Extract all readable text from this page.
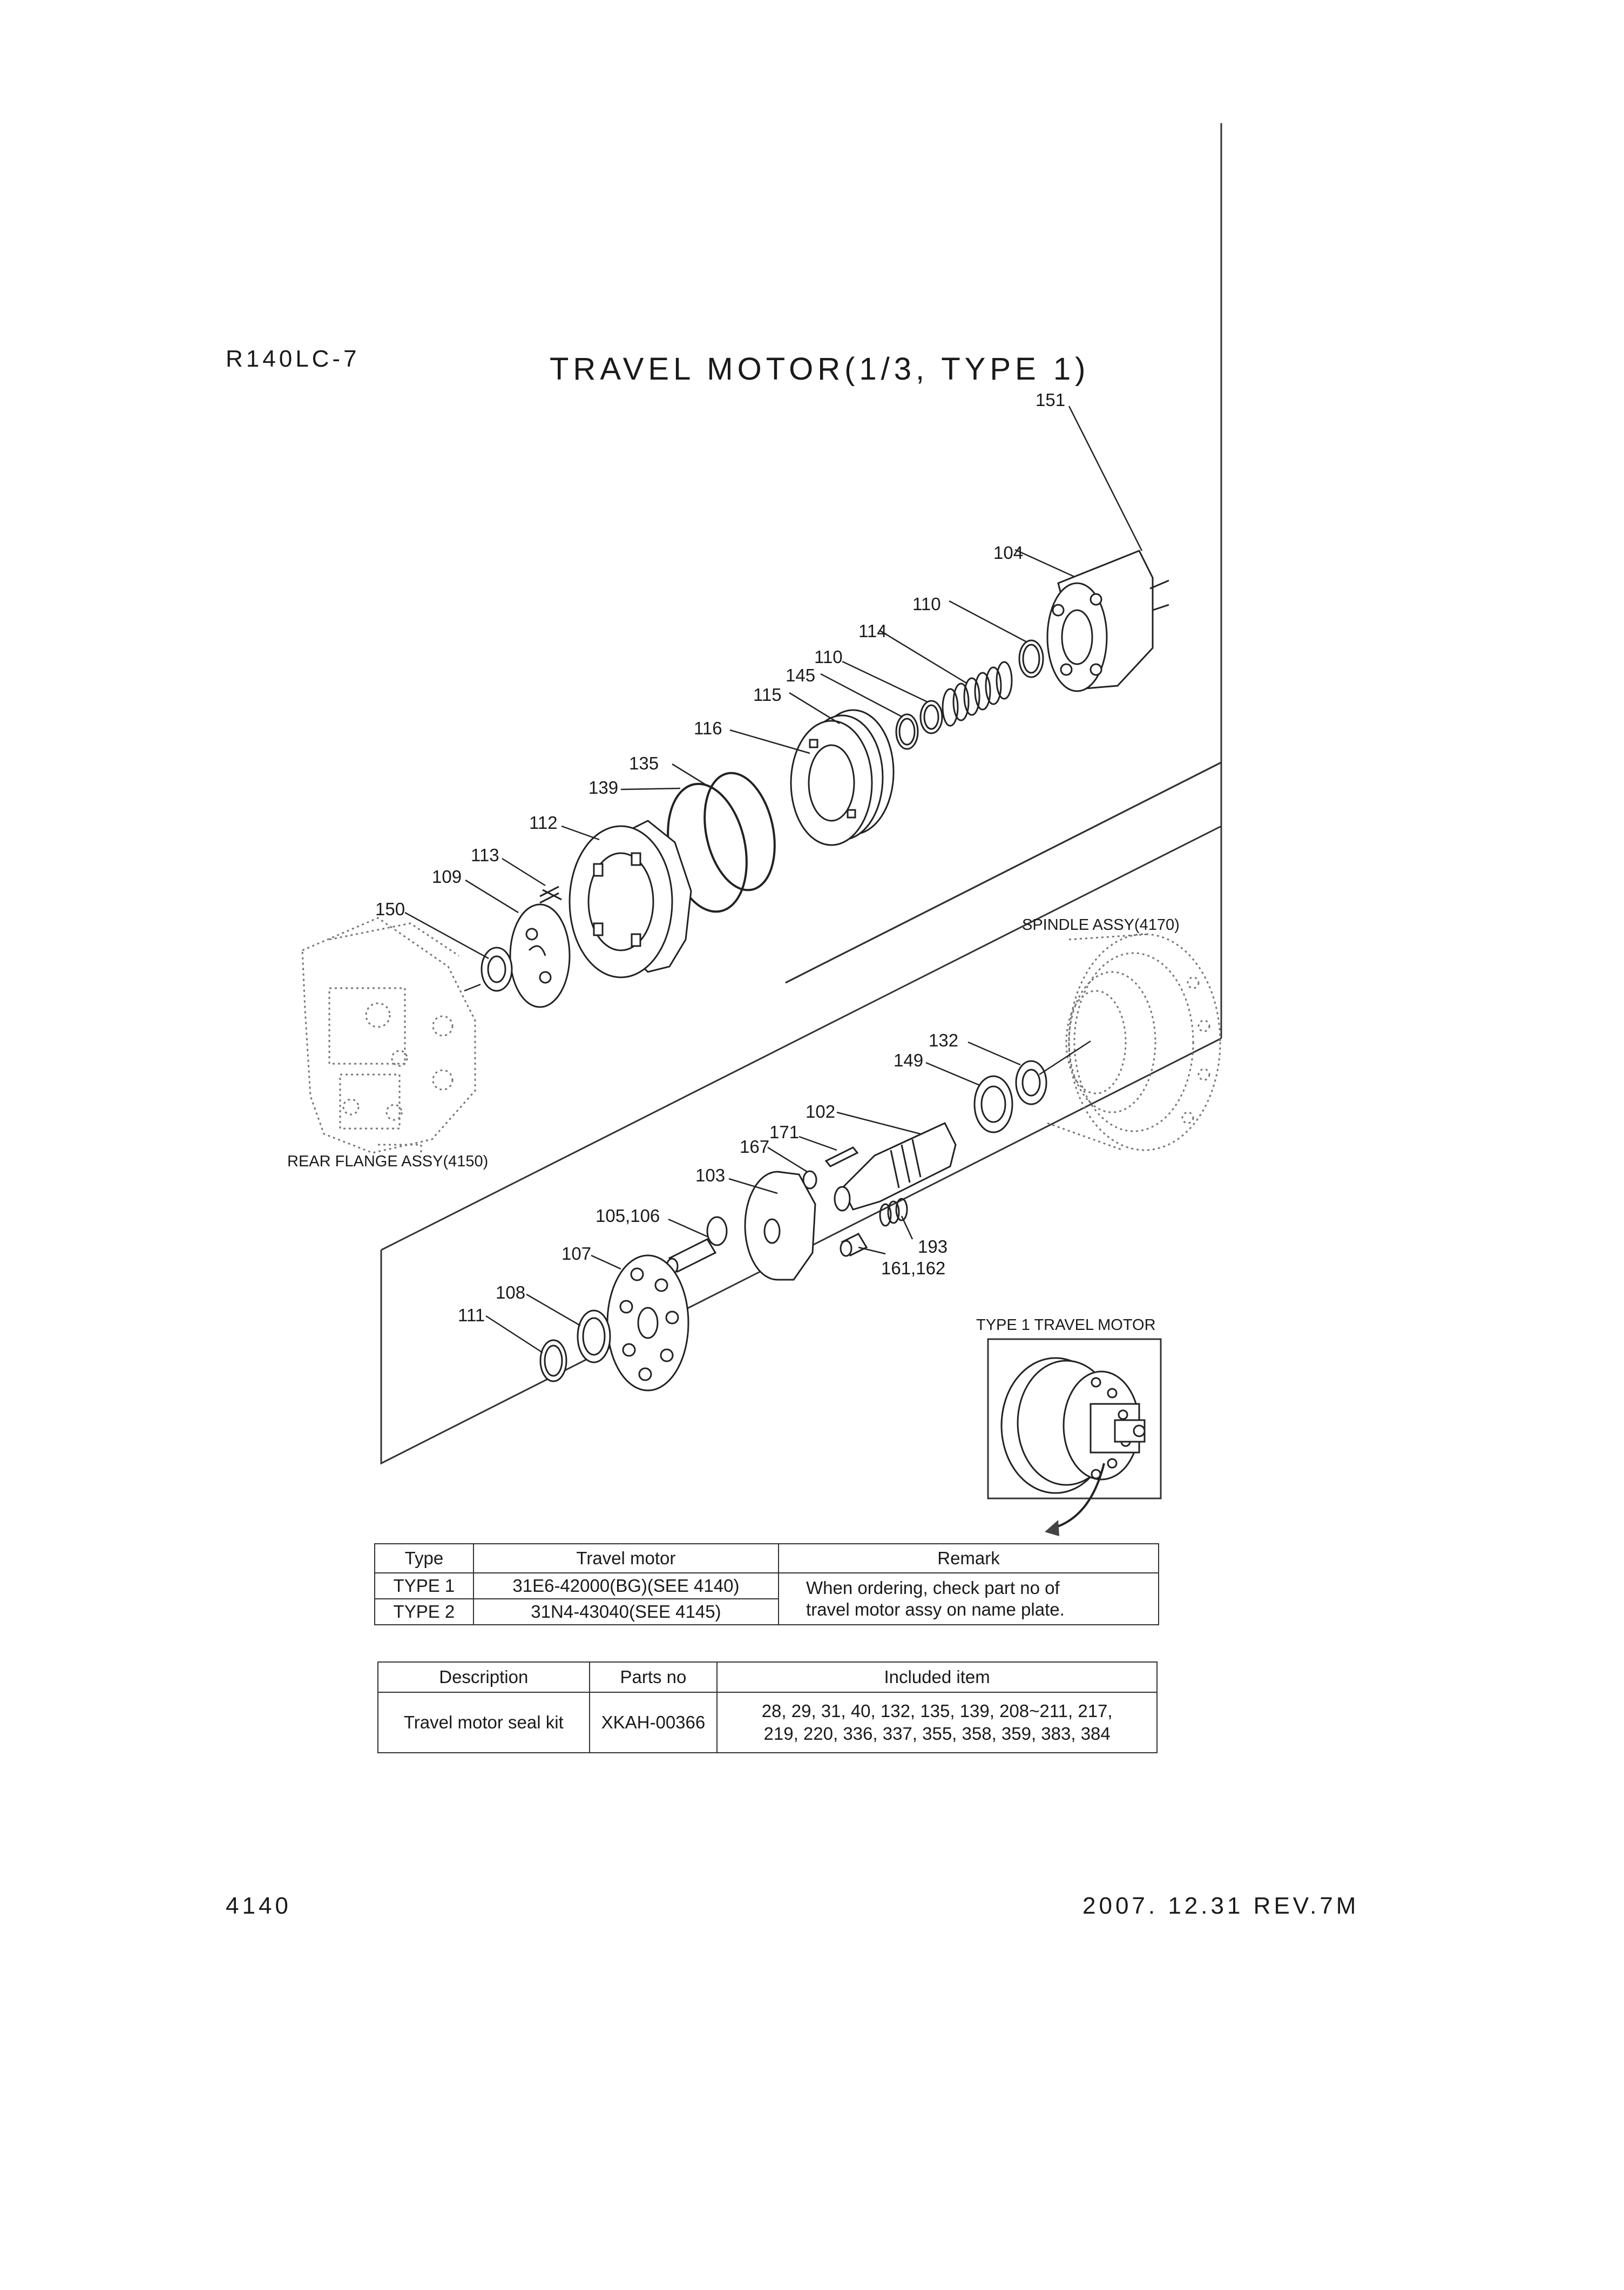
R140LC-7	TRAVEL MOTOR(1/3, TYPE 1)
151
104
110
114
110
145
115
116
135
139
112
113
109
150
SPINDLE ASSY(4170)
132
149
102
171
167
REAR FLANGE ASSY(4150)
103
105,106
107	193
161,162
108
111	TYPE 1 TRAVEL MOTOR
Type	Travel motor	Remark
TYPE 1	31E6-42000(BG)(SEE 4140)	When ordering, check part no of
travel motor assy on name plate.

TYPE 2	31N4-43040(SEE 4145)	
Description	Parts no	Included item
Travel motor seal kit	XKAH-00366	28, 29, 31, 40, 132, 135, 139, 208~211, 217,
219, 220, 336, 337, 355, 358, 359, 383, 384
4140	2007. 12.31 REV.7M
